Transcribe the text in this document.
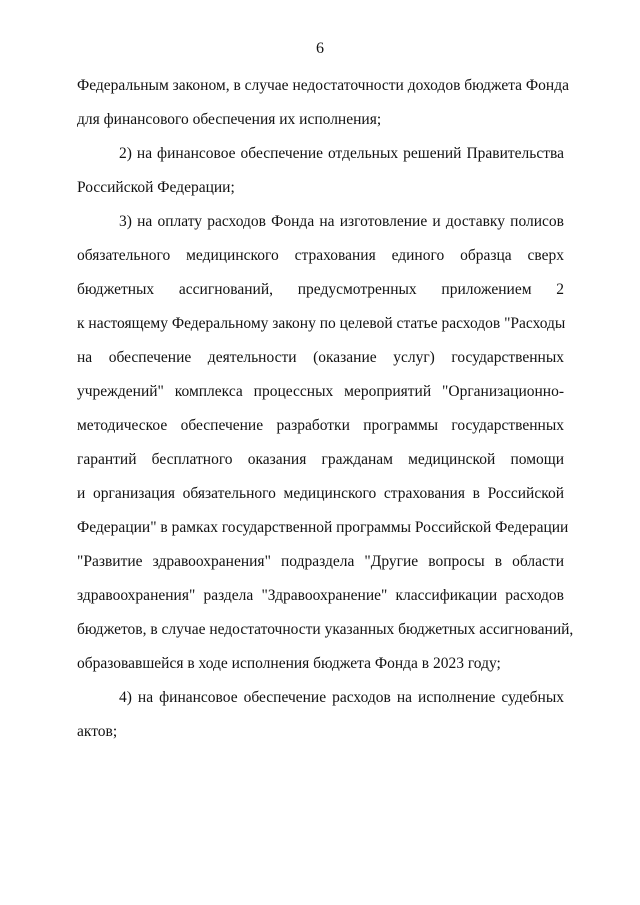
6
Федеральным законом, в случае недостаточности доходов бюджета Фонда
для финансового обеспечения их исполнения;
2) на финансовое обеспечение отдельных решений Правительства
Российской Федерации;
3) на оплату расходов Фонда на изготовление и доставку полисов
обязательного медицинского страхования единого образца сверх
бюджетных ассигнований, предусмотренных приложением 2
к настоящему Федеральному закону по целевой статье расходов "Расходы
на обеспечение деятельности (оказание услуг) государственных
учреждений" комплекса процессных мероприятий "Организационно-
методическое обеспечение разработки программы государственных
гарантий бесплатного оказания гражданам медицинской помощи
и организация обязательного медицинского страхования в Российской
Федерации" в рамках государственной программы Российской Федерации
"Развитие здравоохранения" подраздела "Другие вопросы в области
здравоохранения" раздела "Здравоохранение" классификации расходов
бюджетов, в случае недостаточности указанных бюджетных ассигнований,
образовавшейся в ходе исполнения бюджета Фонда в 2023 году;
4) на финансовое обеспечение расходов на исполнение судебных
актов;
